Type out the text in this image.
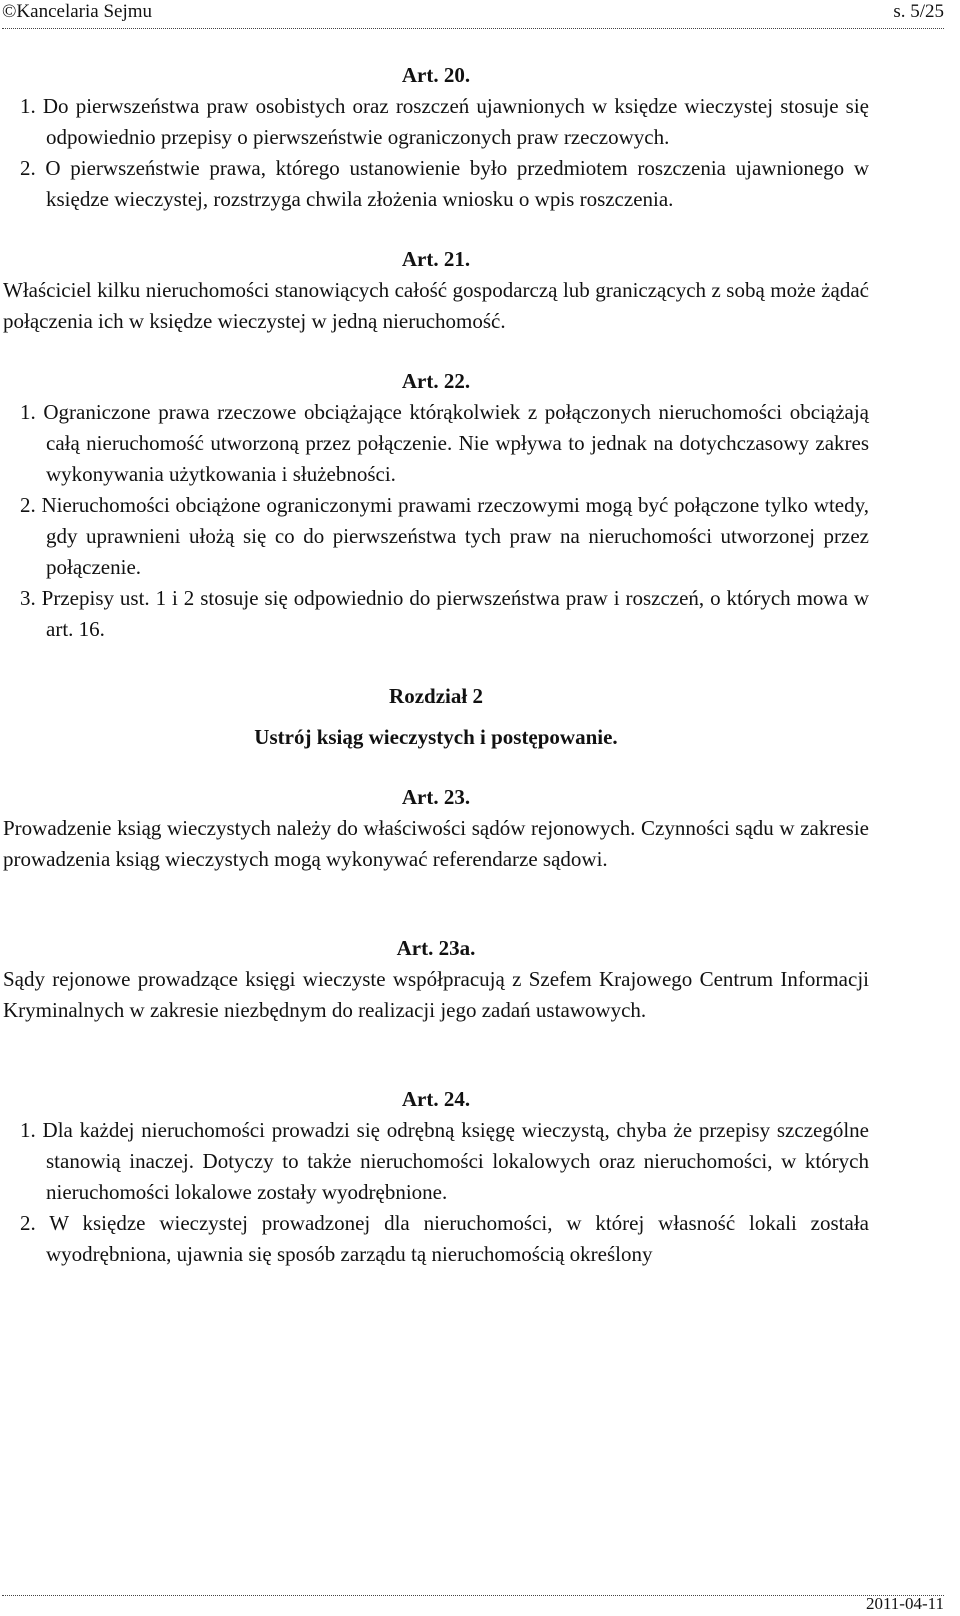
©Kancelaria Sejmu	s. 5/25

Art. 20.

1. Do pierwszeństwa praw osobistych oraz roszczeń ujawnionych w księdze wieczystej stosuje się odpowiednio przepisy o pierwszeństwie ograniczonych praw rzeczowych.

2. O pierwszeństwie prawa, którego ustanowienie było przedmiotem roszczenia ujawnionego w księdze wieczystej, rozstrzyga chwila złożenia wniosku o wpis roszczenia.

Art. 21.

Właściciel kilku nieruchomości stanowiących całość gospodarczą lub graniczących z sobą może żądać połączenia ich w księdze wieczystej w jedną nieruchomość.

Art. 22.

1. Ograniczone prawa rzeczowe obciążające którąkolwiek z połączonych nieruchomości obciążają całą nieruchomość utworzoną przez połączenie. Nie wpływa to jednak na dotychczasowy zakres wykonywania użytkowania i służebności.

2. Nieruchomości obciążone ograniczonymi prawami rzeczowymi mogą być połączone tylko wtedy, gdy uprawnieni ułożą się co do pierwszeństwa tych praw na nieruchomości utworzonej przez połączenie.

3. Przepisy ust. 1 i 2 stosuje się odpowiednio do pierwszeństwa praw i roszczeń, o których mowa w art. 16.

Rozdział 2

Ustrój ksiąg wieczystych i postępowanie.

Art. 23.

Prowadzenie ksiąg wieczystych należy do właściwości sądów rejonowych. Czynności sądu w zakresie prowadzenia ksiąg wieczystych mogą wykonywać referendarze sądowi.

Art. 23a.

Sądy rejonowe prowadzące księgi wieczyste współpracują z Szefem Krajowego Centrum Informacji Kryminalnych w zakresie niezbędnym do realizacji jego zadań ustawowych.

Art. 24.

1. Dla każdej nieruchomości prowadzi się odrębną księgę wieczystą, chyba że przepisy szczególne stanowią inaczej. Dotyczy to także nieruchomości lokalowych oraz nieruchomości, w których nieruchomości lokalowe zostały wyodrębnione.

2. W księdze wieczystej prowadzonej dla nieruchomości, w której własność lokali została wyodrębniona, ujawnia się sposób zarządu tą nieruchomością określony

2011-04-11
